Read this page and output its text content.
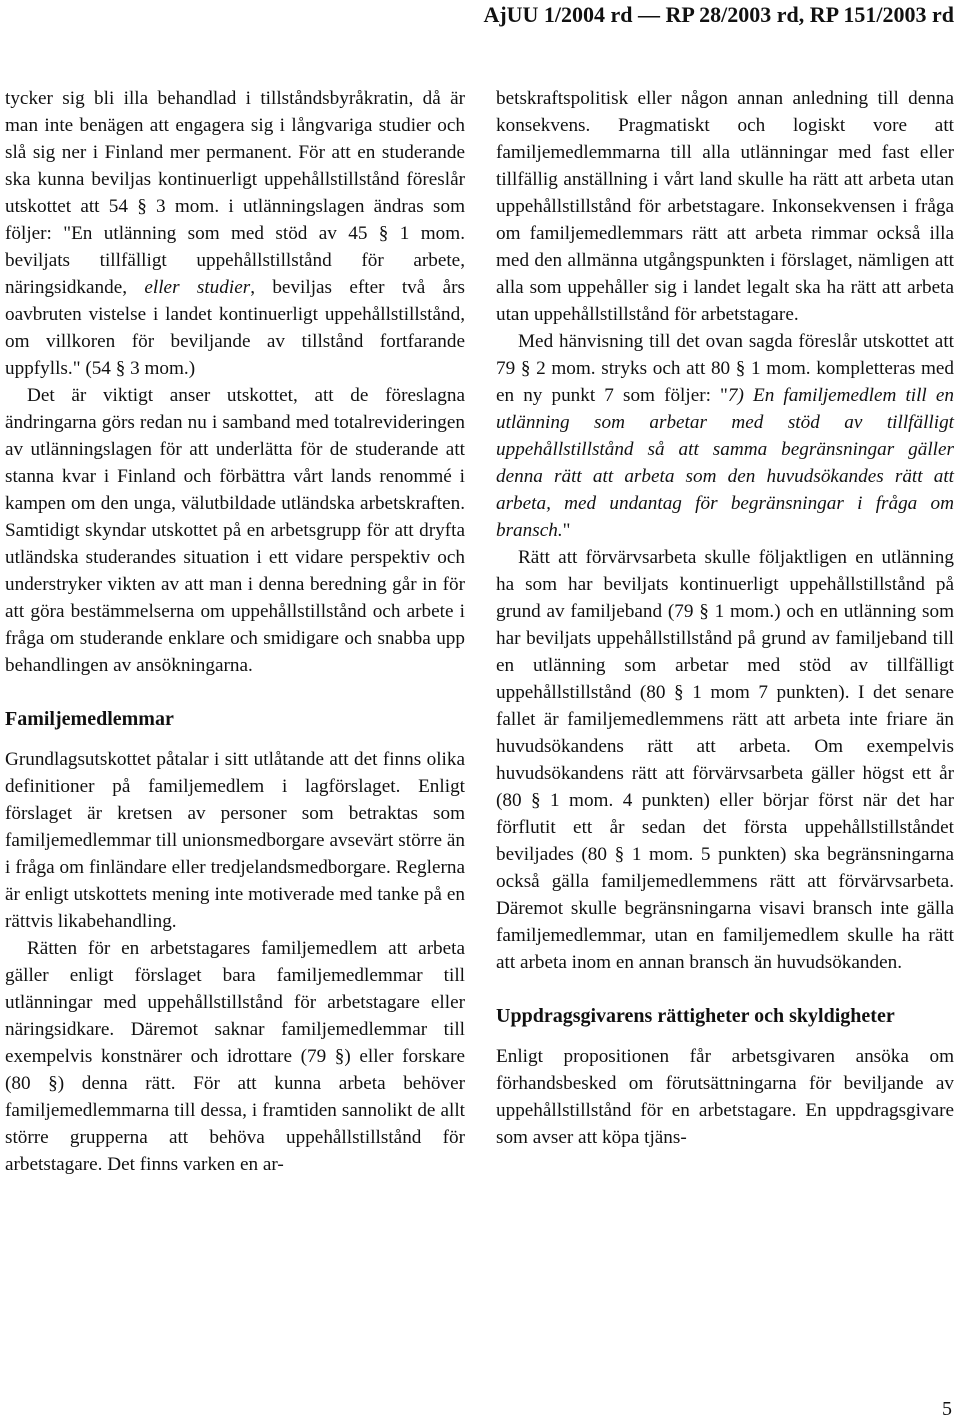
AjUU 1/2004 rd — RP 28/2003 rd, RP 151/2003 rd

tycker sig bli illa behandlad i tillståndsbyråkratin, då är man inte benägen att engagera sig i långvariga studier och slå sig ner i Finland mer permanent. För att en studerande ska kunna beviljas kontinuerligt uppehållstillstånd föreslår utskottet att 54 § 3 mom. i utlänningslagen ändras som följer: "En utlänning som med stöd av 45 § 1 mom. beviljats tillfälligt uppehållstillstånd för arbete, näringsidkande, eller studier, beviljas efter två års oavbruten vistelse i landet kontinuerligt uppehållstillstånd, om villkoren för beviljande av tillstånd fortfarande uppfylls." (54 § 3 mom.)

Det är viktigt anser utskottet, att de föreslagna ändringarna görs redan nu i samband med totalrevideringen av utlänningslagen för att underlätta för de studerande att stanna kvar i Finland och förbättra vårt lands renommé i kampen om den unga, välutbildade utländska arbetskraften. Samtidigt skyndar utskottet på en arbetsgrupp för att dryfta utländska studerandes situation i ett vidare perspektiv och understryker vikten av att man i denna beredning går in för att göra bestämmelserna om uppehållstillstånd och arbete i fråga om studerande enklare och smidigare och snabba upp behandlingen av ansökningarna.

Familjemedlemmar

Grundlagsutskottet påtalar i sitt utlåtande att det finns olika definitioner på familjemedlem i lagförslaget. Enligt förslaget är kretsen av personer som betraktas som familjemedlemmar till unionsmedborgare avsevärt större än i fråga om finländare eller tredjelandsmedborgare. Reglerna är enligt utskottets mening inte motiverade med tanke på en rättvis likabehandling.

Rätten för en arbetstagares familjemedlem att arbeta gäller enligt förslaget bara familjemedlemmar till utlänningar med uppehållstillstånd för arbetstagare eller näringsidkare. Däremot saknar familjemedlemmar till exempelvis konstnärer och idrottare (79 §) eller forskare (80 §) denna rätt. För att kunna arbeta behöver familjemedlemmarna till dessa, i framtiden sannolikt de allt större grupperna att behöva uppehållstillstånd för arbetstagare. Det finns varken en ar-

betskraftspolitisk eller någon annan anledning till denna konsekvens. Pragmatiskt och logiskt vore att familjemedlemmarna till alla utlänningar med fast eller tillfällig anställning i vårt land skulle ha rätt att arbeta utan uppehållstillstånd för arbetstagare. Inkonsekvensen i fråga om familjemedlemmars rätt att arbeta rimmar också illa med den allmänna utgångspunkten i förslaget, nämligen att alla som uppehåller sig i landet legalt ska ha rätt att arbeta utan uppehållstillstånd för arbetstagare.

Med hänvisning till det ovan sagda föreslår utskottet att 79 § 2 mom. stryks och att 80 § 1 mom. kompletteras med en ny punkt 7 som följer: "7) En familjemedlem till en utlänning som arbetar med stöd av tillfälligt uppehållstillstånd så att samma begränsningar gäller denna rätt att arbeta som den huvudsökandes rätt att arbeta, med undantag för begränsningar i fråga om bransch."

Rätt att förvärvsarbeta skulle följaktligen en utlänning ha som har beviljats kontinuerligt uppehållstillstånd på grund av familjeband (79 § 1 mom.) och en utlänning som har beviljats uppehållstillstånd på grund av familjeband till en utlänning som arbetar med stöd av tillfälligt uppehållstillstånd (80 § 1 mom 7 punkten). I det senare fallet är familjemedlemmens rätt att arbeta inte friare än huvudsökandens rätt att arbeta. Om exempelvis huvudsökandens rätt att förvärvsarbeta gäller högst ett år (80 § 1 mom. 4 punkten) eller börjar först när det har förflutit ett år sedan det första uppehållstillståndet beviljades (80 § 1 mom. 5 punkten) ska begränsningarna också gälla familjemedlemmens rätt att förvärvsarbeta. Däremot skulle begränsningarna visavi bransch inte gälla familjemedlemmar, utan en familjemedlem skulle ha rätt att arbeta inom en annan bransch än huvudsökanden.

Uppdragsgivarens rättigheter och skyldigheter

Enligt propositionen får arbetsgivaren ansöka om förhandsbesked om förutsättningarna för beviljande av uppehållstillstånd för en arbetstagare. En uppdragsgivare som avser att köpa tjäns-

5
